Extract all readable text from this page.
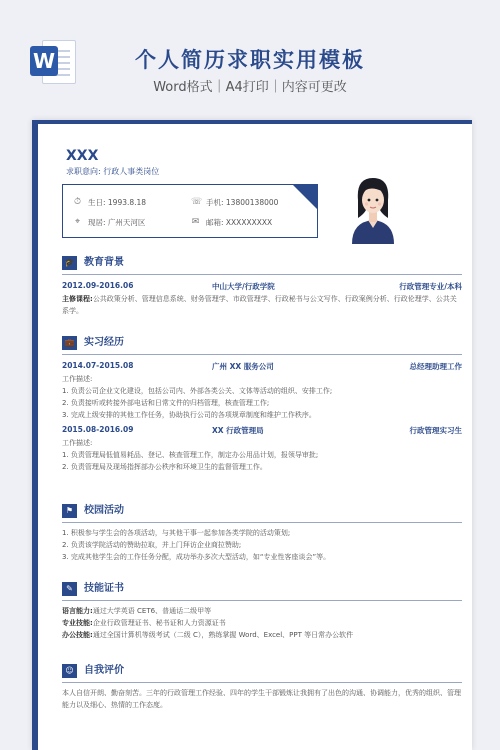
W	个人简历求职实用模板
Word格式｜A4打印｜内容可更改
XXX
求职意向: 行政人事类岗位
⏱ 生日: 1993.8.18	☏ 手机: 13800138000
⌖ 现居: 广州天河区	✉ 邮箱: XXXXXXXXX
🎓 教育背景
2012.09-2016.06	中山大学/行政学院	行政管理专业/本科
主修课程:公共政策分析、管理信息系统、财务管理学、市政管理学、行政秘书与公文写作、行政案例分析、行政伦理学、公共关系学。
💼 实习经历
2014.07-2015.08	广州 XX 服务公司	总经理助理工作
工作描述:
1. 负责公司企业文化建设，包括公司内、外部各类公关、文体等活动的组织、安排工作;
2. 负责接听或转接外部电话和日常文件的归档管理，核查管理工作;
3. 完成上级安排的其他工作任务，协助执行公司的各项规章制度和维护工作秩序。
2015.08-2016.09	XX 行政管理局	行政管理实习生
工作描述:
1. 负责管理局低值易耗品、登记、核查管理工作，制定办公用品计划，报领导审批;
2. 负责管理局及现场指挥部办公秩序和环境卫生的监督管理工作。
⚑	校园活动
1. 积极参与学生会的各项活动，与其他干事一起参加各类学院的活动策划;
2. 负责该学院活动的赞助拉取，并上门拜访企业商拉赞助;
3. 完成其他学生会的工作任务分配，成功举办多次大型活动，如“专业性客座谈会”等。
✎	技能证书
语言能力:通过大学英语 CET6、普通话二级甲等
专业技能:企业行政管理证书、秘书证和人力资源证书
办公技能:通过全国计算机等级考试（二级 C），熟练掌握 Word、Excel、PPT 等日常办公软件
☺	自我评价
本人自信开朗、勤奋刻苦。三年的行政管理工作经验、四年的学生干部锻炼让我拥有了出色的沟通、协调能力，优秀的组织、管理能力以及细心、热情的工作态度。
